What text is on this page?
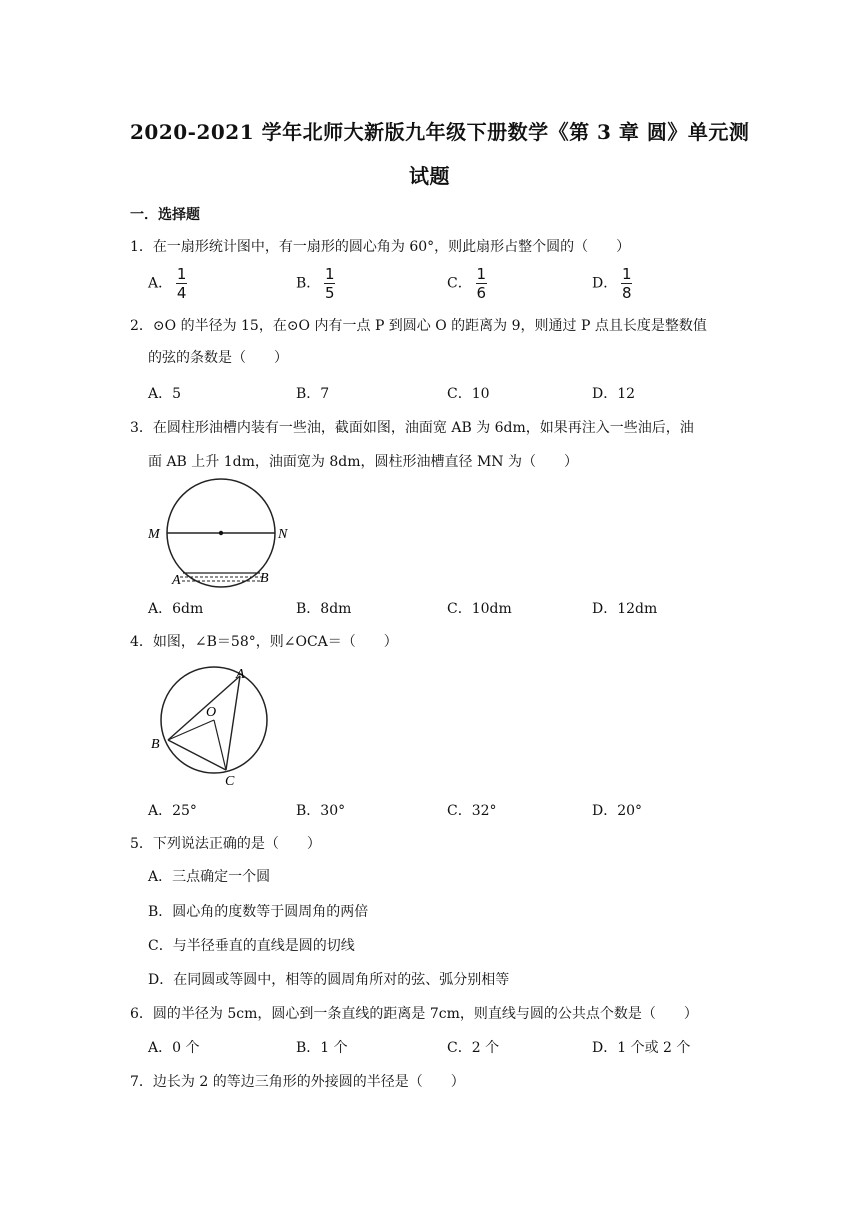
2020-2021 学年北师大新版九年级下册数学《第 3 章 圆》单元测
试题
一．选择题
1．在一扇形统计图中，有一扇形的圆心角为 60°，则此扇形占整个圆的（　　）
A． $\frac{1}{4}$	B． $\frac{1}{5}$	C． $\frac{1}{6}$	D． $\frac{1}{8}$
2．⊙O 的半径为 15，在⊙O 内有一点 P 到圆心 O 的距离为 9，则通过 P 点且长度是整数值
的弦的条数是（　　）
A．5	B．7	C．10	D．12
3．在圆柱形油槽内装有一些油，截面如图，油面宽 AB 为 6dm，如果再注入一些油后，油
面 AB 上升 1dm，油面宽为 8dm，圆柱形油槽直径 MN 为（　　）
M	N
A	B
A．6dm	B．8dm	C．10dm	D．12dm
4．如图，∠B＝58°，则∠OCA＝（　　）
A
O
B
C
A．25°	B．30°	C．32°	D．20°
5．下列说法正确的是（　　）
A．三点确定一个圆
B．圆心角的度数等于圆周角的两倍
C．与半径垂直的直线是圆的切线
D．在同圆或等圆中，相等的圆周角所对的弦、弧分别相等
6．圆的半径为 5cm，圆心到一条直线的距离是 7cm，则直线与圆的公共点个数是（　　）
A．0 个	B．1 个	C．2 个	D．1 个或 2 个
7．边长为 2 的等边三角形的外接圆的半径是（　　）
